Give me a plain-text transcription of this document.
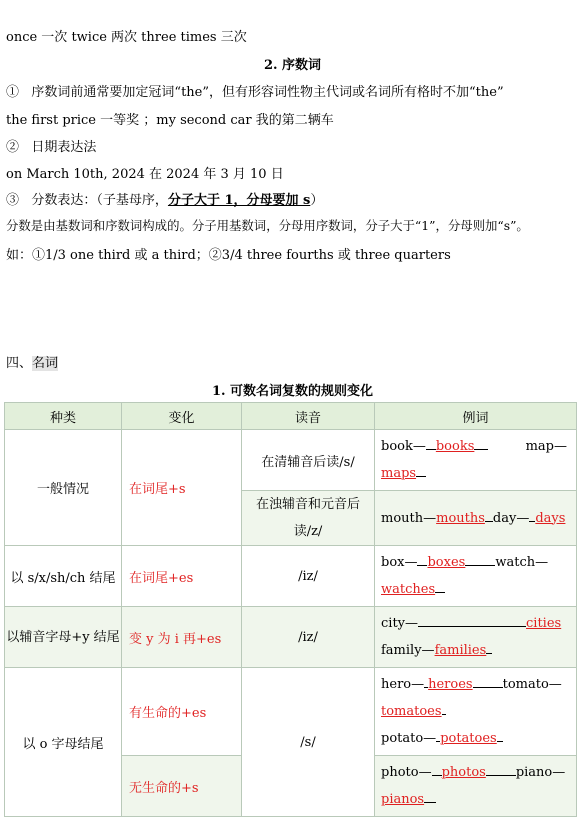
once 一次 twice 两次 three times 三次
2. 序数词
① 序数词前通常要加定冠词“the”，但有形容词性物主代词或名词所有格时不加“the”
the first price 一等奖 ；my second car 我的第二辆车
② 日期表达法
on March 10th, 2024 在 2024 年 3 月 10 日
③ 分数表达：（子基母序，分子大于 1，分母要加 s）
分数是由基数词和序数词构成的。分子用基数词，分母用序数词，分子大于“1”，分母则加“s”。
如：①1/3 one third 或 a third；②3/4 three fourths 或 three quarters
四、名词
1. 可数名词复数的规则变化
种类	变化	读音	例词
一般情况	在词尾+s	在清辅音后读/s/	book— books map—
maps
		在浊辅音和元音后读/z/	mouth—mouths day— days
以 s/x/sh/ch 结尾	在词尾+es	/iz/	box— boxes watch—
watches
以辅音字母+y 结尾	变 y 为 i 再+es	/iz/	city— cities
family—families
以 o 字母结尾	有生命的+es	/s/	hero— heroes tomato—
tomatoes
potato— potatoes
	无生命的+s		photo— photos piano—
pianos
